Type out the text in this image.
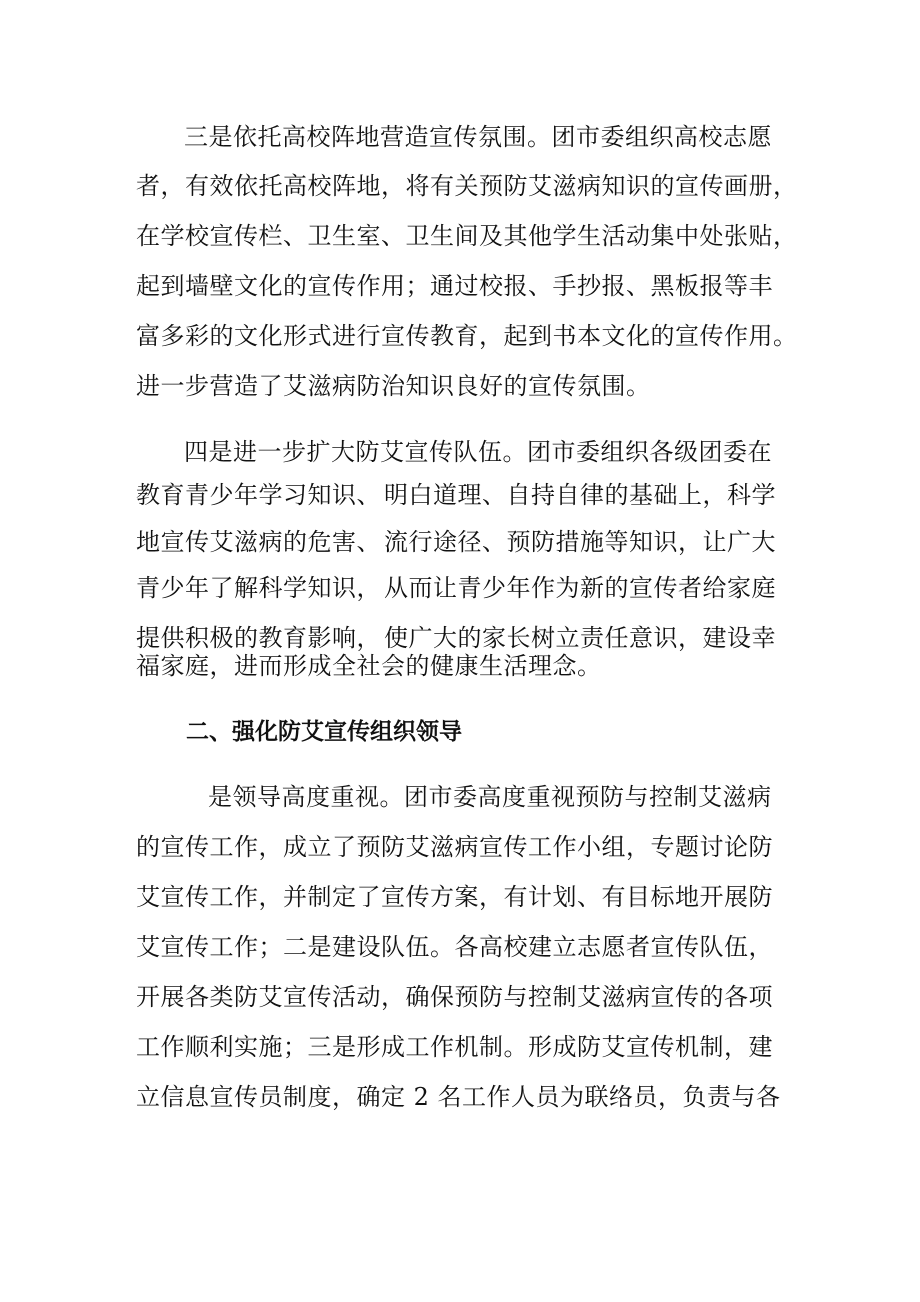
三是依托高校阵地营造宣传氛围。团市委组织高校志愿
者，有效依托高校阵地，将有关预防艾滋病知识的宣传画册，
在学校宣传栏、卫生室、卫生间及其他学生活动集中处张贴，
起到墙壁文化的宣传作用；通过校报、手抄报、黑板报等丰
富多彩的文化形式进行宣传教育，起到书本文化的宣传作用。
进一步营造了艾滋病防治知识良好的宣传氛围。
四是进一步扩大防艾宣传队伍。团市委组织各级团委在
教育青少年学习知识、 明白道理、自持自律的基础上，科学
地宣传艾滋病的危害、 流行途径、预防措施等知识，让广大
青少年了解科学知识， 从而让青少年作为新的宣传者给家庭
提供积极的教育影响， 使广大的家长树立责任意识，建设幸
福家庭，进而形成全社会的健康生活理念。
二、强化防艾宣传组织领导
是领导高度重视。团市委高度重视预防与控制艾滋病
的宣传工作，成立了预防艾滋病宣传工作小组，专题讨论防
艾宣传工作，并制定了宣传方案，有计划、有目标地开展防
艾宣传工作；二是建设队伍。各高校建立志愿者宣传队伍，
开展各类防艾宣传活动，确保预防与控制艾滋病宣传的各项
工作顺利实施；三是形成工作机制。形成防艾宣传机制，建
立信息宣传员制度，确定 2 名工作人员为联络员，负责与各
